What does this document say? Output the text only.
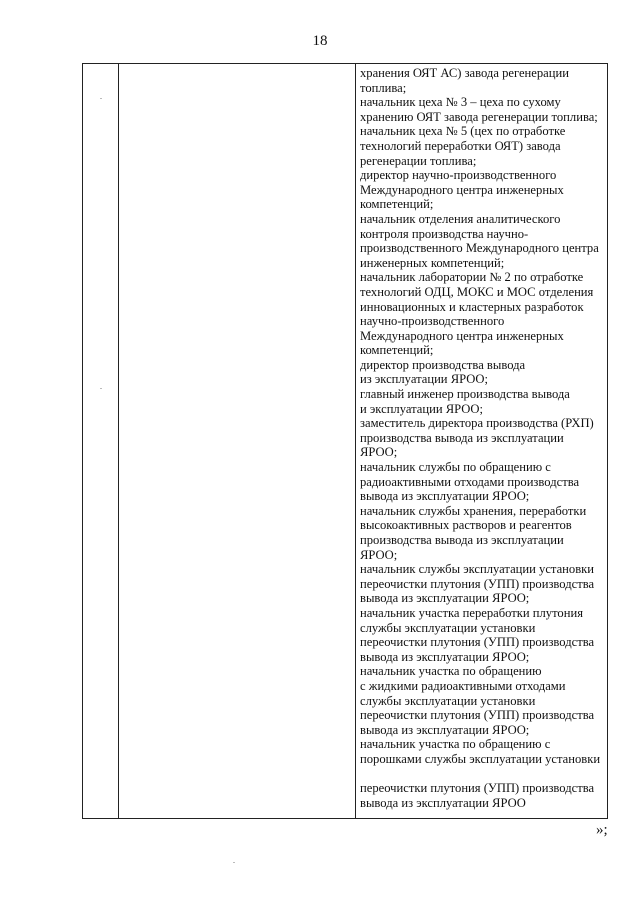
18
хранения ОЯТ АС) завода регенерации
топлива;
начальник цеха № 3 – цеха по сухому
хранению ОЯТ завода регенерации топлива;
начальник цеха № 5 (цех по отработке
технологий переработки ОЯТ) завода
регенерации топлива;
директор научно-производственного
Международного центра инженерных
компетенций;
начальник отделения аналитического
контроля производства научно-
производственного Международного центра
инженерных компетенций;
начальник лаборатории № 2 по отработке
технологий ОДЦ, МОКС и МОС отделения
инновационных и кластерных разработок
научно-производственного
Международного центра инженерных
компетенций;
директор производства вывода
из эксплуатации ЯРОО;
главный инженер производства вывода
и эксплуатации ЯРОО;
заместитель директора производства (РХП)
производства вывода из эксплуатации
ЯРОО;
начальник службы по обращению с
радиоактивными отходами производства
вывода из эксплуатации ЯРОО;
начальник службы хранения, переработки
высокоактивных растворов и реагентов
производства вывода из эксплуатации
ЯРОО;
начальник службы эксплуатации установки
переочистки плутония (УПП) производства
вывода из эксплуатации ЯРОО;
начальник участка переработки плутония
службы эксплуатации установки
переочистки плутония (УПП) производства
вывода из эксплуатации ЯРОО;
начальник участка по обращению
с жидкими радиоактивными отходами
службы эксплуатации установки
переочистки плутония (УПП) производства
вывода из эксплуатации ЯРОО;
начальник участка по обращению с
порошками службы эксплуатации установки
переочистки плутония (УПП) производства
вывода из эксплуатации ЯРОО
»;
